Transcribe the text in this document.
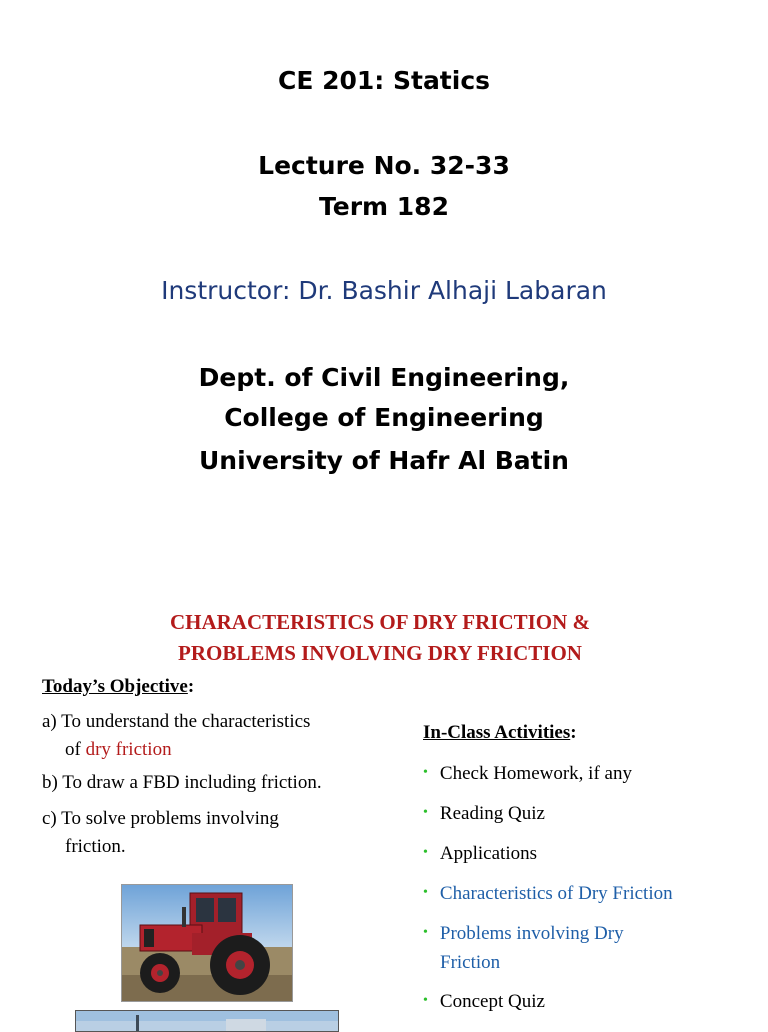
CE 201: Statics
Lecture No. 32-33
Term 182
Instructor: Dr. Bashir Alhaji Labaran
Dept. of Civil Engineering,
College of Engineering
University of Hafr Al Batin
CHARACTERISTICS OF DRY FRICTION &
PROBLEMS INVOLVING DRY FRICTION
Today’s Objective:
a) To understand the characteristics
of dry friction
b) To draw a FBD including friction.
c) To solve problems involving
friction.
In-Class Activities:
• Check Homework, if any
• Reading Quiz
• Applications
• Characteristics of Dry Friction
• Problems involving Dry
Friction
• Concept Quiz
